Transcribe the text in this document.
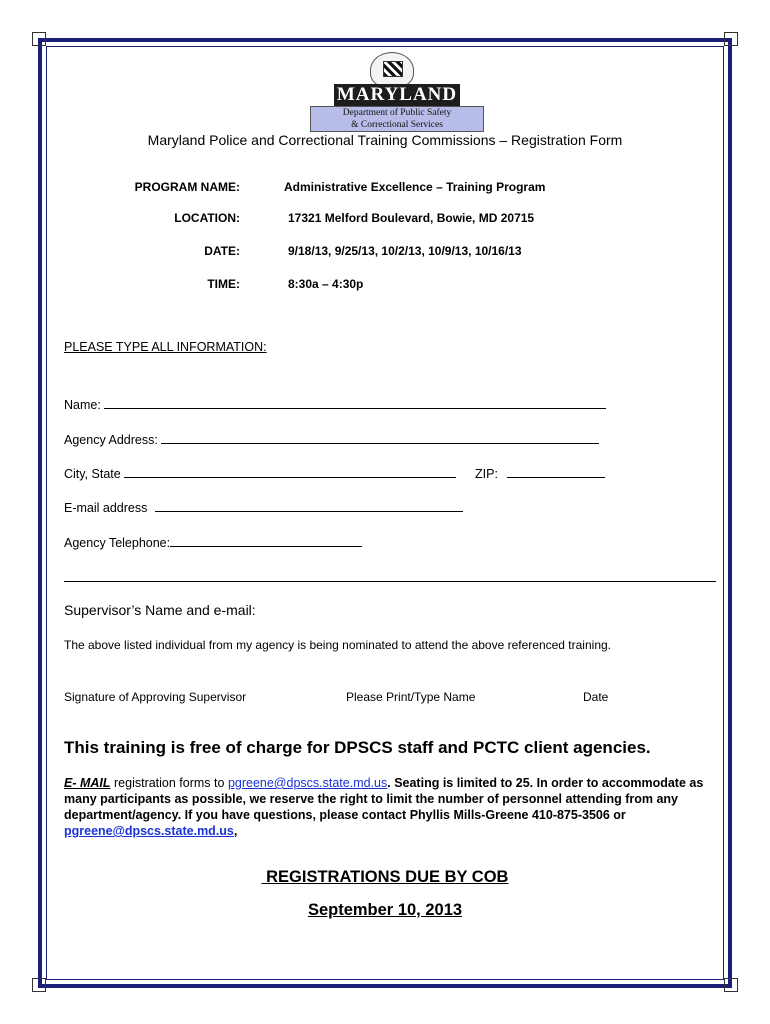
MARYLAND
Department of Public Safety
& Correctional Services
Maryland Police and Correctional Training Commissions – Registration Form
PROGRAM NAME:	Administrative Excellence – Training Program
LOCATION:	17321 Melford Boulevard, Bowie, MD 20715
DATE:	9/18/13, 9/25/13, 10/2/13, 10/9/13, 10/16/13
TIME:	8:30a – 4:30p
PLEASE TYPE ALL INFORMATION:
Name:
Agency Address:
City, State	ZIP:
E-mail address
Agency Telephone:
Supervisor’s Name and e-mail:
The above listed individual from my agency is being nominated to attend the above referenced training.
Signature of Approving Supervisor	Please Print/Type Name	Date
This training is free of charge for DPSCS staff and PCTC client agencies.
E- MAIL registration forms to pgreene@dpscs.state.md.us. Seating is limited to 25. In order to accommodate as many participants as possible, we reserve the right to limit the number of personnel attending from any department/agency. If you have questions, please contact Phyllis Mills-Greene 410-875-3506 or pgreene@dpscs.state.md.us,
REGISTRATIONS DUE BY COB
September 10, 2013
